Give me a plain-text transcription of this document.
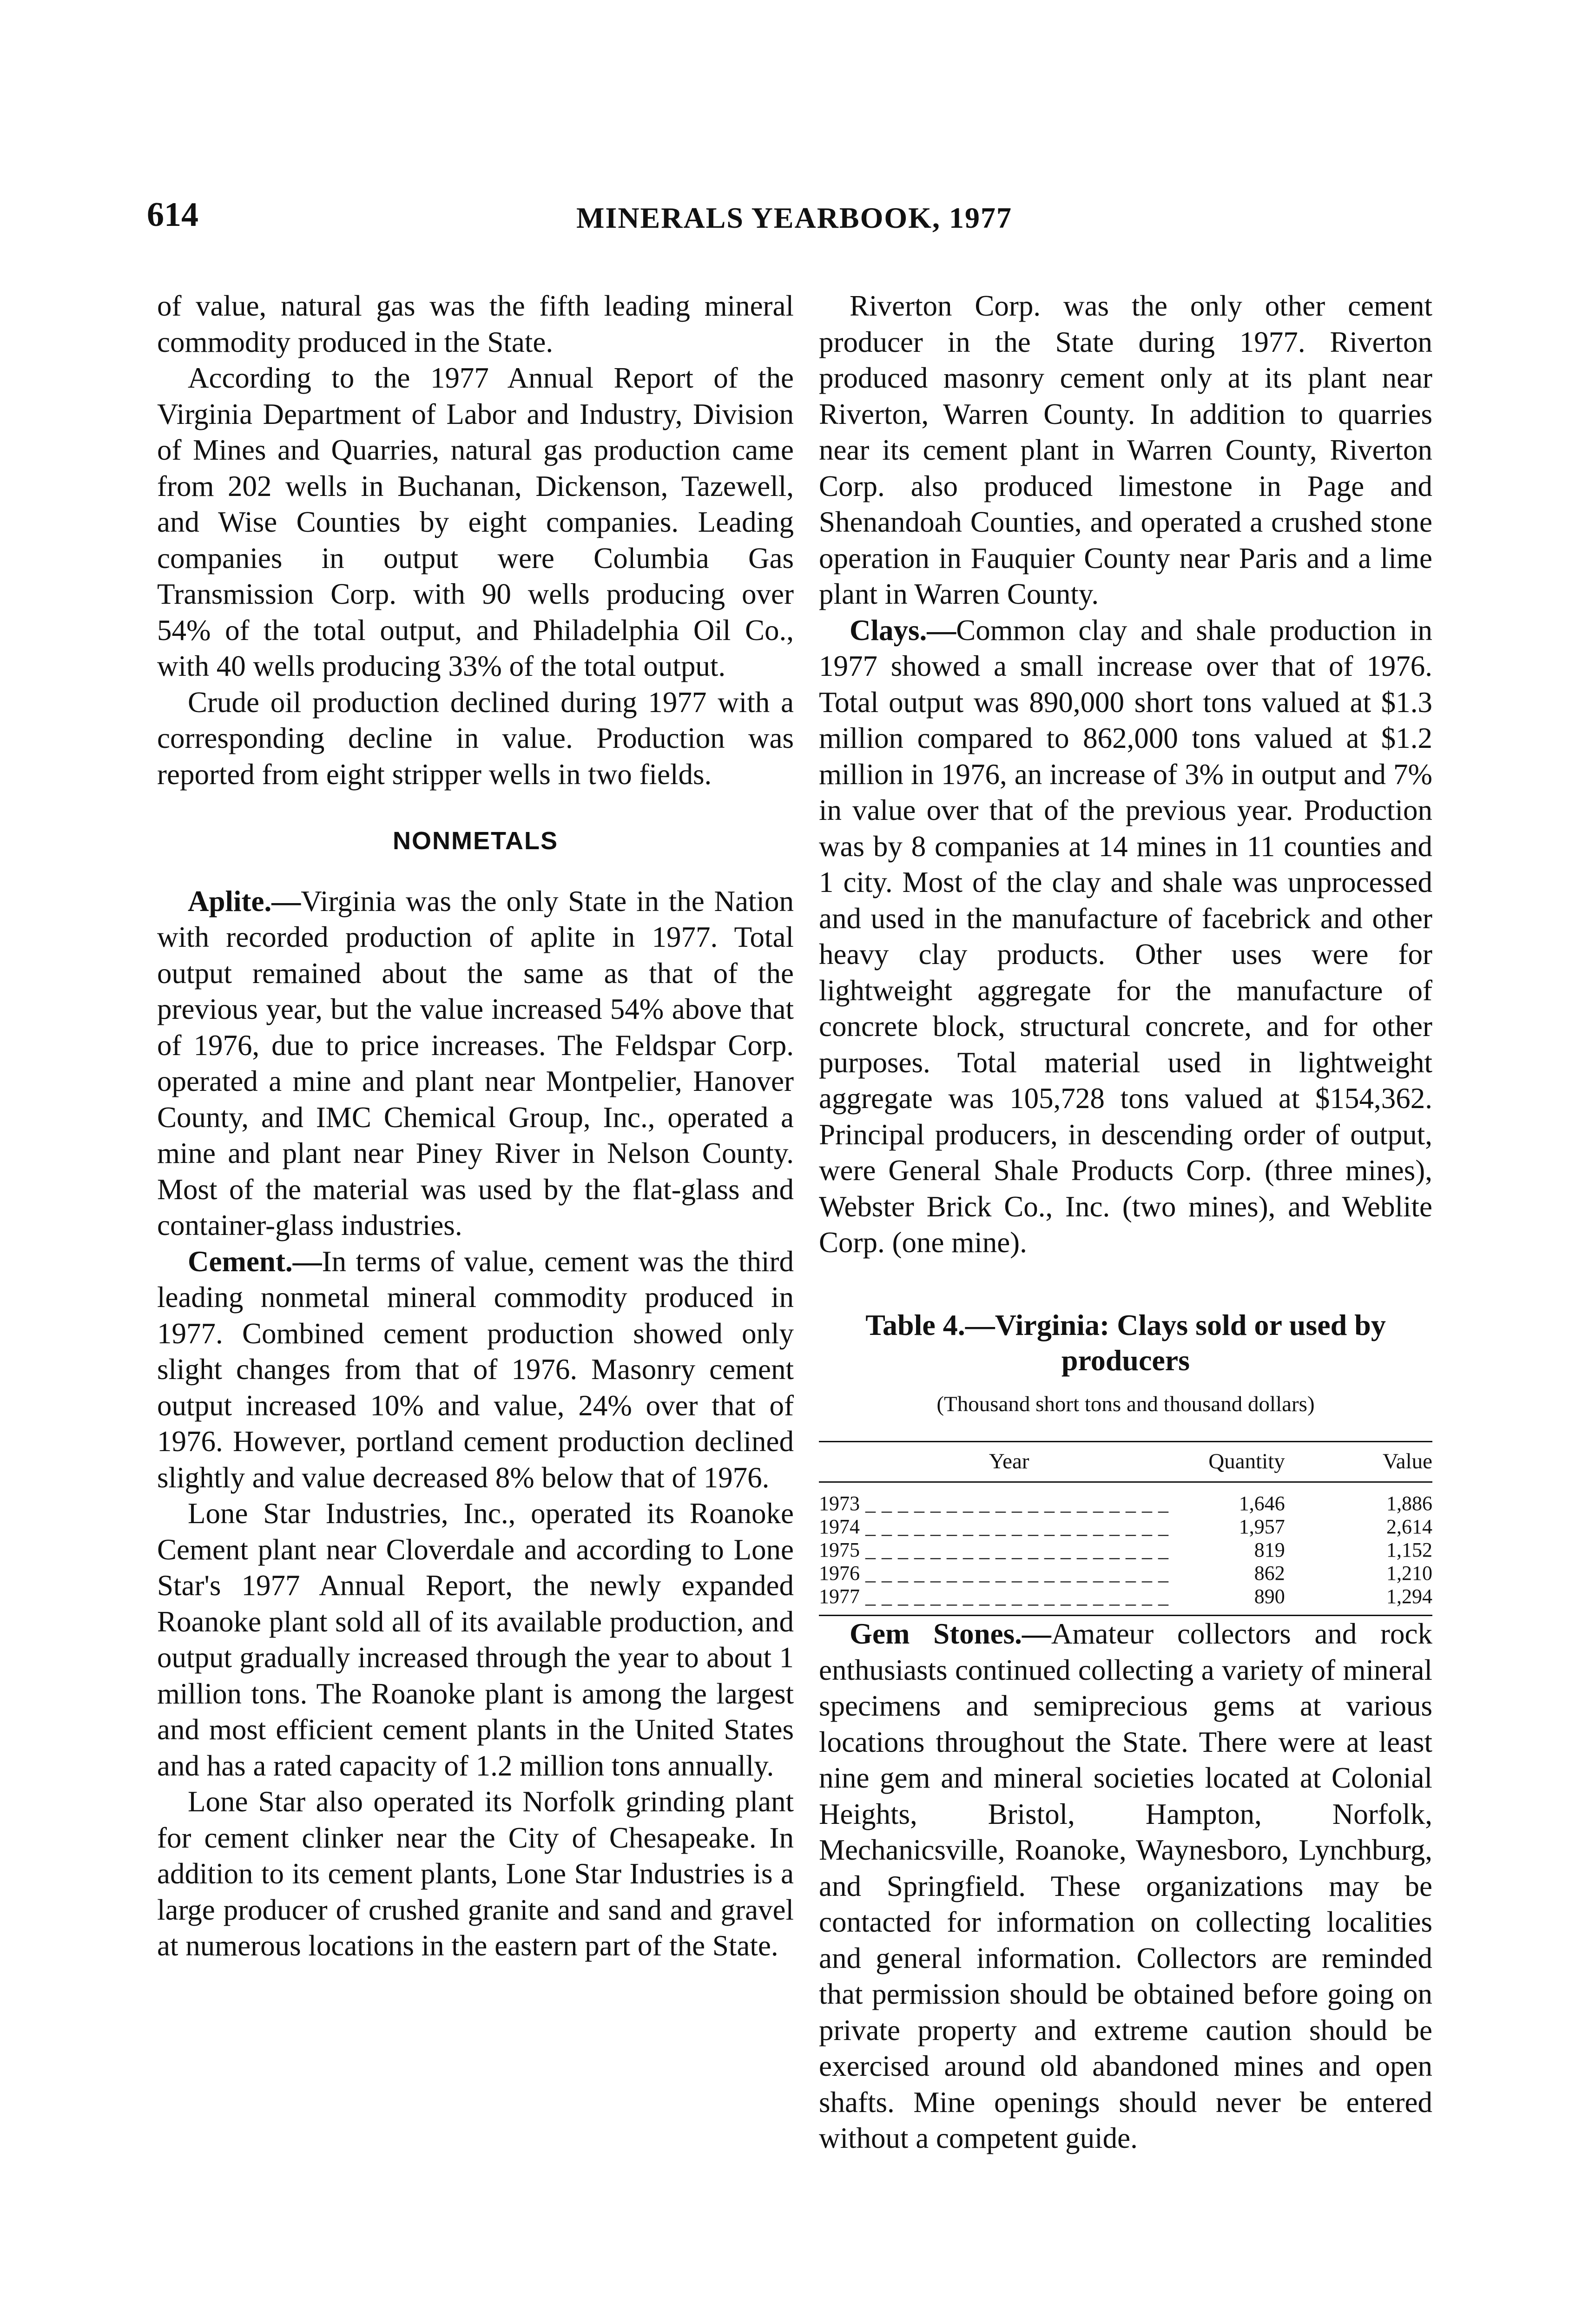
614	MINERALS YEARBOOK, 1977

of value, natural gas was the fifth leading mineral commodity produced in the State.

According to the 1977 Annual Report of the Virginia Department of Labor and Industry, Division of Mines and Quarries, natural gas production came from 202 wells in Buchanan, Dickenson, Tazewell, and Wise Counties by eight companies. Leading companies in output were Columbia Gas Transmission Corp. with 90 wells producing over 54% of the total output, and Philadelphia Oil Co., with 40 wells producing 33% of the total output.

Crude oil production declined during 1977 with a corresponding decline in value. Production was reported from eight stripper wells in two fields.

NONMETALS

Aplite.—Virginia was the only State in the Nation with recorded production of aplite in 1977. Total output remained about the same as that of the previous year, but the value increased 54% above that of 1976, due to price increases. The Feldspar Corp. operated a mine and plant near Montpelier, Hanover County, and IMC Chemical Group, Inc., operated a mine and plant near Piney River in Nelson County. Most of the material was used by the flat-glass and container-glass industries.

Cement.—In terms of value, cement was the third leading nonmetal mineral commodity produced in 1977. Combined cement production showed only slight changes from that of 1976. Masonry cement output increased 10% and value, 24% over that of 1976. However, portland cement production declined slightly and value decreased 8% below that of 1976.

Lone Star Industries, Inc., operated its Roanoke Cement plant near Cloverdale and according to Lone Star's 1977 Annual Report, the newly expanded Roanoke plant sold all of its available production, and output gradually increased through the year to about 1 million tons. The Roanoke plant is among the largest and most efficient cement plants in the United States and has a rated capacity of 1.2 million tons annually.

Lone Star also operated its Norfolk grinding plant for cement clinker near the City of Chesapeake. In addition to its cement plants, Lone Star Industries is a large producer of crushed granite and sand and gravel at numerous locations in the eastern part of the State.

Riverton Corp. was the only other cement producer in the State during 1977. Riverton produced masonry cement only at its plant near Riverton, Warren County. In addition to quarries near its cement plant in Warren County, Riverton Corp. also produced limestone in Page and Shenandoah Counties, and operated a crushed stone operation in Fauquier County near Paris and a lime plant in Warren County.

Clays.—Common clay and shale production in 1977 showed a small increase over that of 1976. Total output was 890,000 short tons valued at $1.3 million compared to 862,000 tons valued at $1.2 million in 1976, an increase of 3% in output and 7% in value over that of the previous year. Production was by 8 companies at 14 mines in 11 counties and 1 city. Most of the clay and shale was unprocessed and used in the manufacture of facebrick and other heavy clay products. Other uses were for lightweight aggregate for the manufacture of concrete block, structural concrete, and for other purposes. Total material used in lightweight aggregate was 105,728 tons valued at $154,362. Principal producers, in descending order of output, were General Shale Products Corp. (three mines), Webster Brick Co., Inc. (two mines), and Weblite Corp. (one mine).

Table 4.—Virginia: Clays sold or used by producers
(Thousand short tons and thousand dollars)
Year	Quantity	Value
1973 _ _ _	1,646	1,886
1974 _ _ _	1,957	2,614
1975 _ _ _	819	1,152
1976 _ _ _	862	1,210
1977 _ _ _	890	1,294

Gem Stones.—Amateur collectors and rock enthusiasts continued collecting a variety of mineral specimens and semiprecious gems at various locations throughout the State. There were at least nine gem and mineral societies located at Colonial Heights, Bristol, Hampton, Norfolk, Mechanicsville, Roanoke, Waynesboro, Lynchburg, and Springfield. These organizations may be contacted for information on collecting localities and general information. Collectors are reminded that permission should be obtained before going on private property and extreme caution should be exercised around old abandoned mines and open shafts. Mine openings should never be entered without a competent guide.
